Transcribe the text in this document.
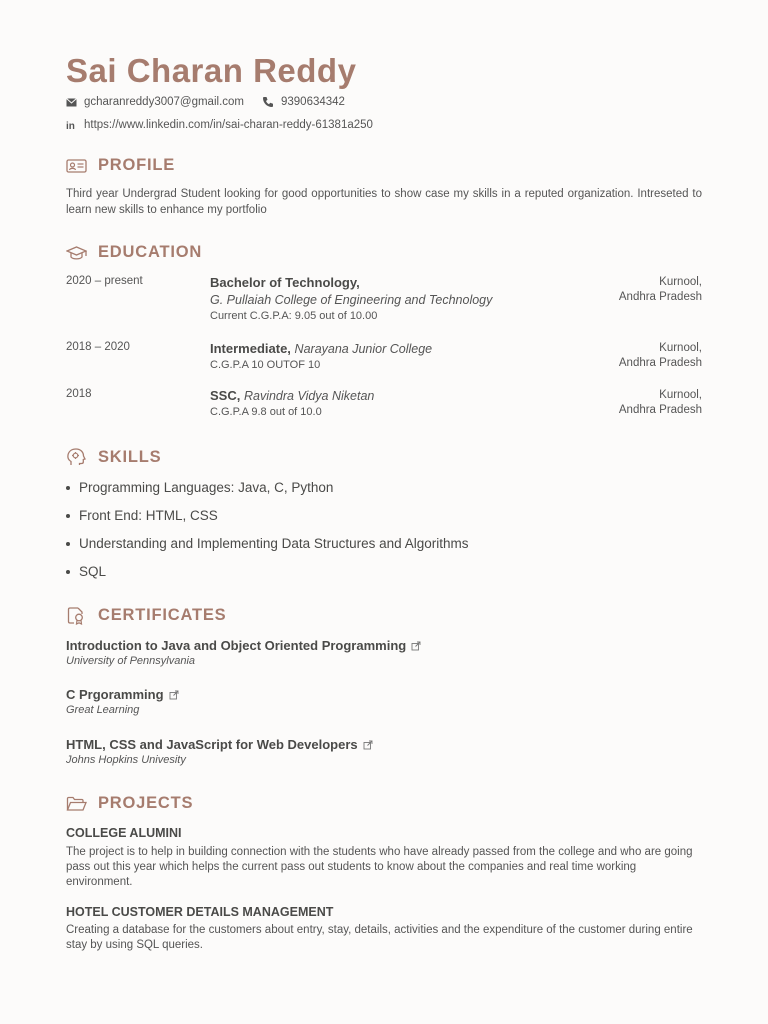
Sai Charan Reddy
gcharanreddy3007@gmail.com	9390634342
in https://www.linkedin.com/in/sai-charan-reddy-61381a250
PROFILE
Third year Undergrad Student looking for good opportunities to show case my skills in a reputed organization. Intreseted to learn new skills to enhance my portfolio
EDUCATION
2020 – present	Bachelor of Technology,
G. Pullaiah College of Engineering and Technology
Current C.G.P.A: 9.05 out of 10.00
Kurnool,
Andhra Pradesh
2018 – 2020	Intermediate, Narayana Junior College
C.G.P.A 10 OUTOF 10
Kurnool,
Andhra Pradesh
2018	SSC, Ravindra Vidya Niketan
C.G.P.A 9.8 out of 10.0
Kurnool,
Andhra Pradesh
SKILLS
Programming Languages: Java, C, Python
Front End: HTML, CSS
Understanding and Implementing Data Structures and Algorithms
SQL
CERTIFICATES
Introduction to Java and Object Oriented Programming
University of Pennsylvania
C Prgoramming
Great Learning
HTML, CSS and JavaScript for Web Developers
Johns Hopkins Univesity
PROJECTS
COLLEGE ALUMINI
The project is to help in building connection with the students who have already passed from the college and who are going pass out this year which helps the current pass out students to know about the companies and real time working environment.
HOTEL CUSTOMER DETAILS MANAGEMENT
Creating a database for the customers about entry, stay, details, activities and the expenditure of the customer during entire stay by using SQL queries.
